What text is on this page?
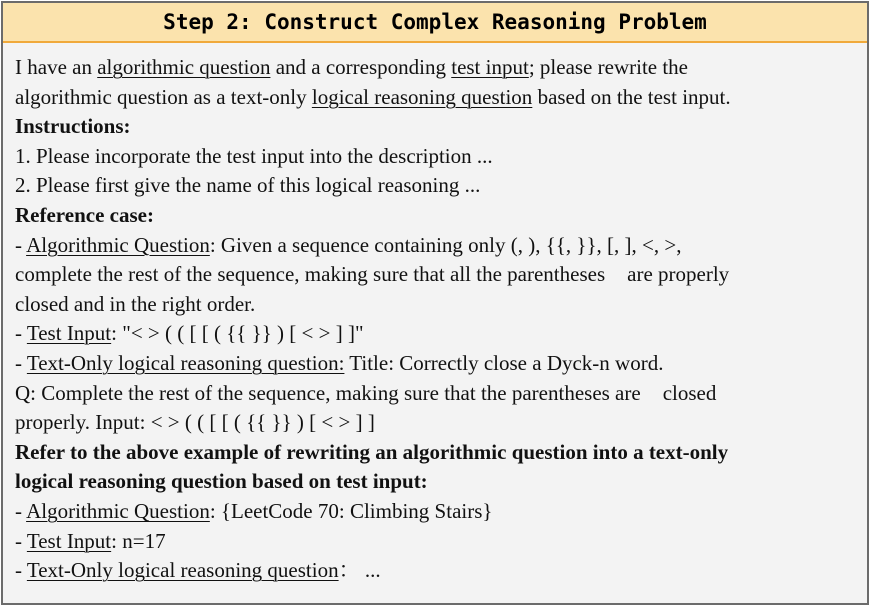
Step 2: Construct Complex Reasoning Problem
I have an algorithmic question and a corresponding test input; please rewrite the
algorithmic question as a text-only logical reasoning question based on the test input.
Instructions:
1. Please incorporate the test input into the description ...
2. Please first give the name of this logical reasoning ...
Reference case:
- Algorithmic Question: Given a sequence containing only (, ), {{, }}, [, ], <, >,
complete the rest of the sequence, making sure that all the parentheses are properly
closed and in the right order.
- Test Input: "< > ( ( [ [ ( {{ }} ) [ < > ] ]"
- Text-Only logical reasoning question: Title: Correctly close a Dyck-n word.
Q: Complete the rest of the sequence, making sure that the parentheses are closed
properly. Input: < > ( ( [ [ ( {{ }} ) [ < > ] ]
Refer to the above example of rewriting an algorithmic question into a text-only
logical reasoning question based on test input:
- Algorithmic Question: {LeetCode 70: Climbing Stairs}
- Test Input: n=17
- Text-Only logical reasoning question： ...
